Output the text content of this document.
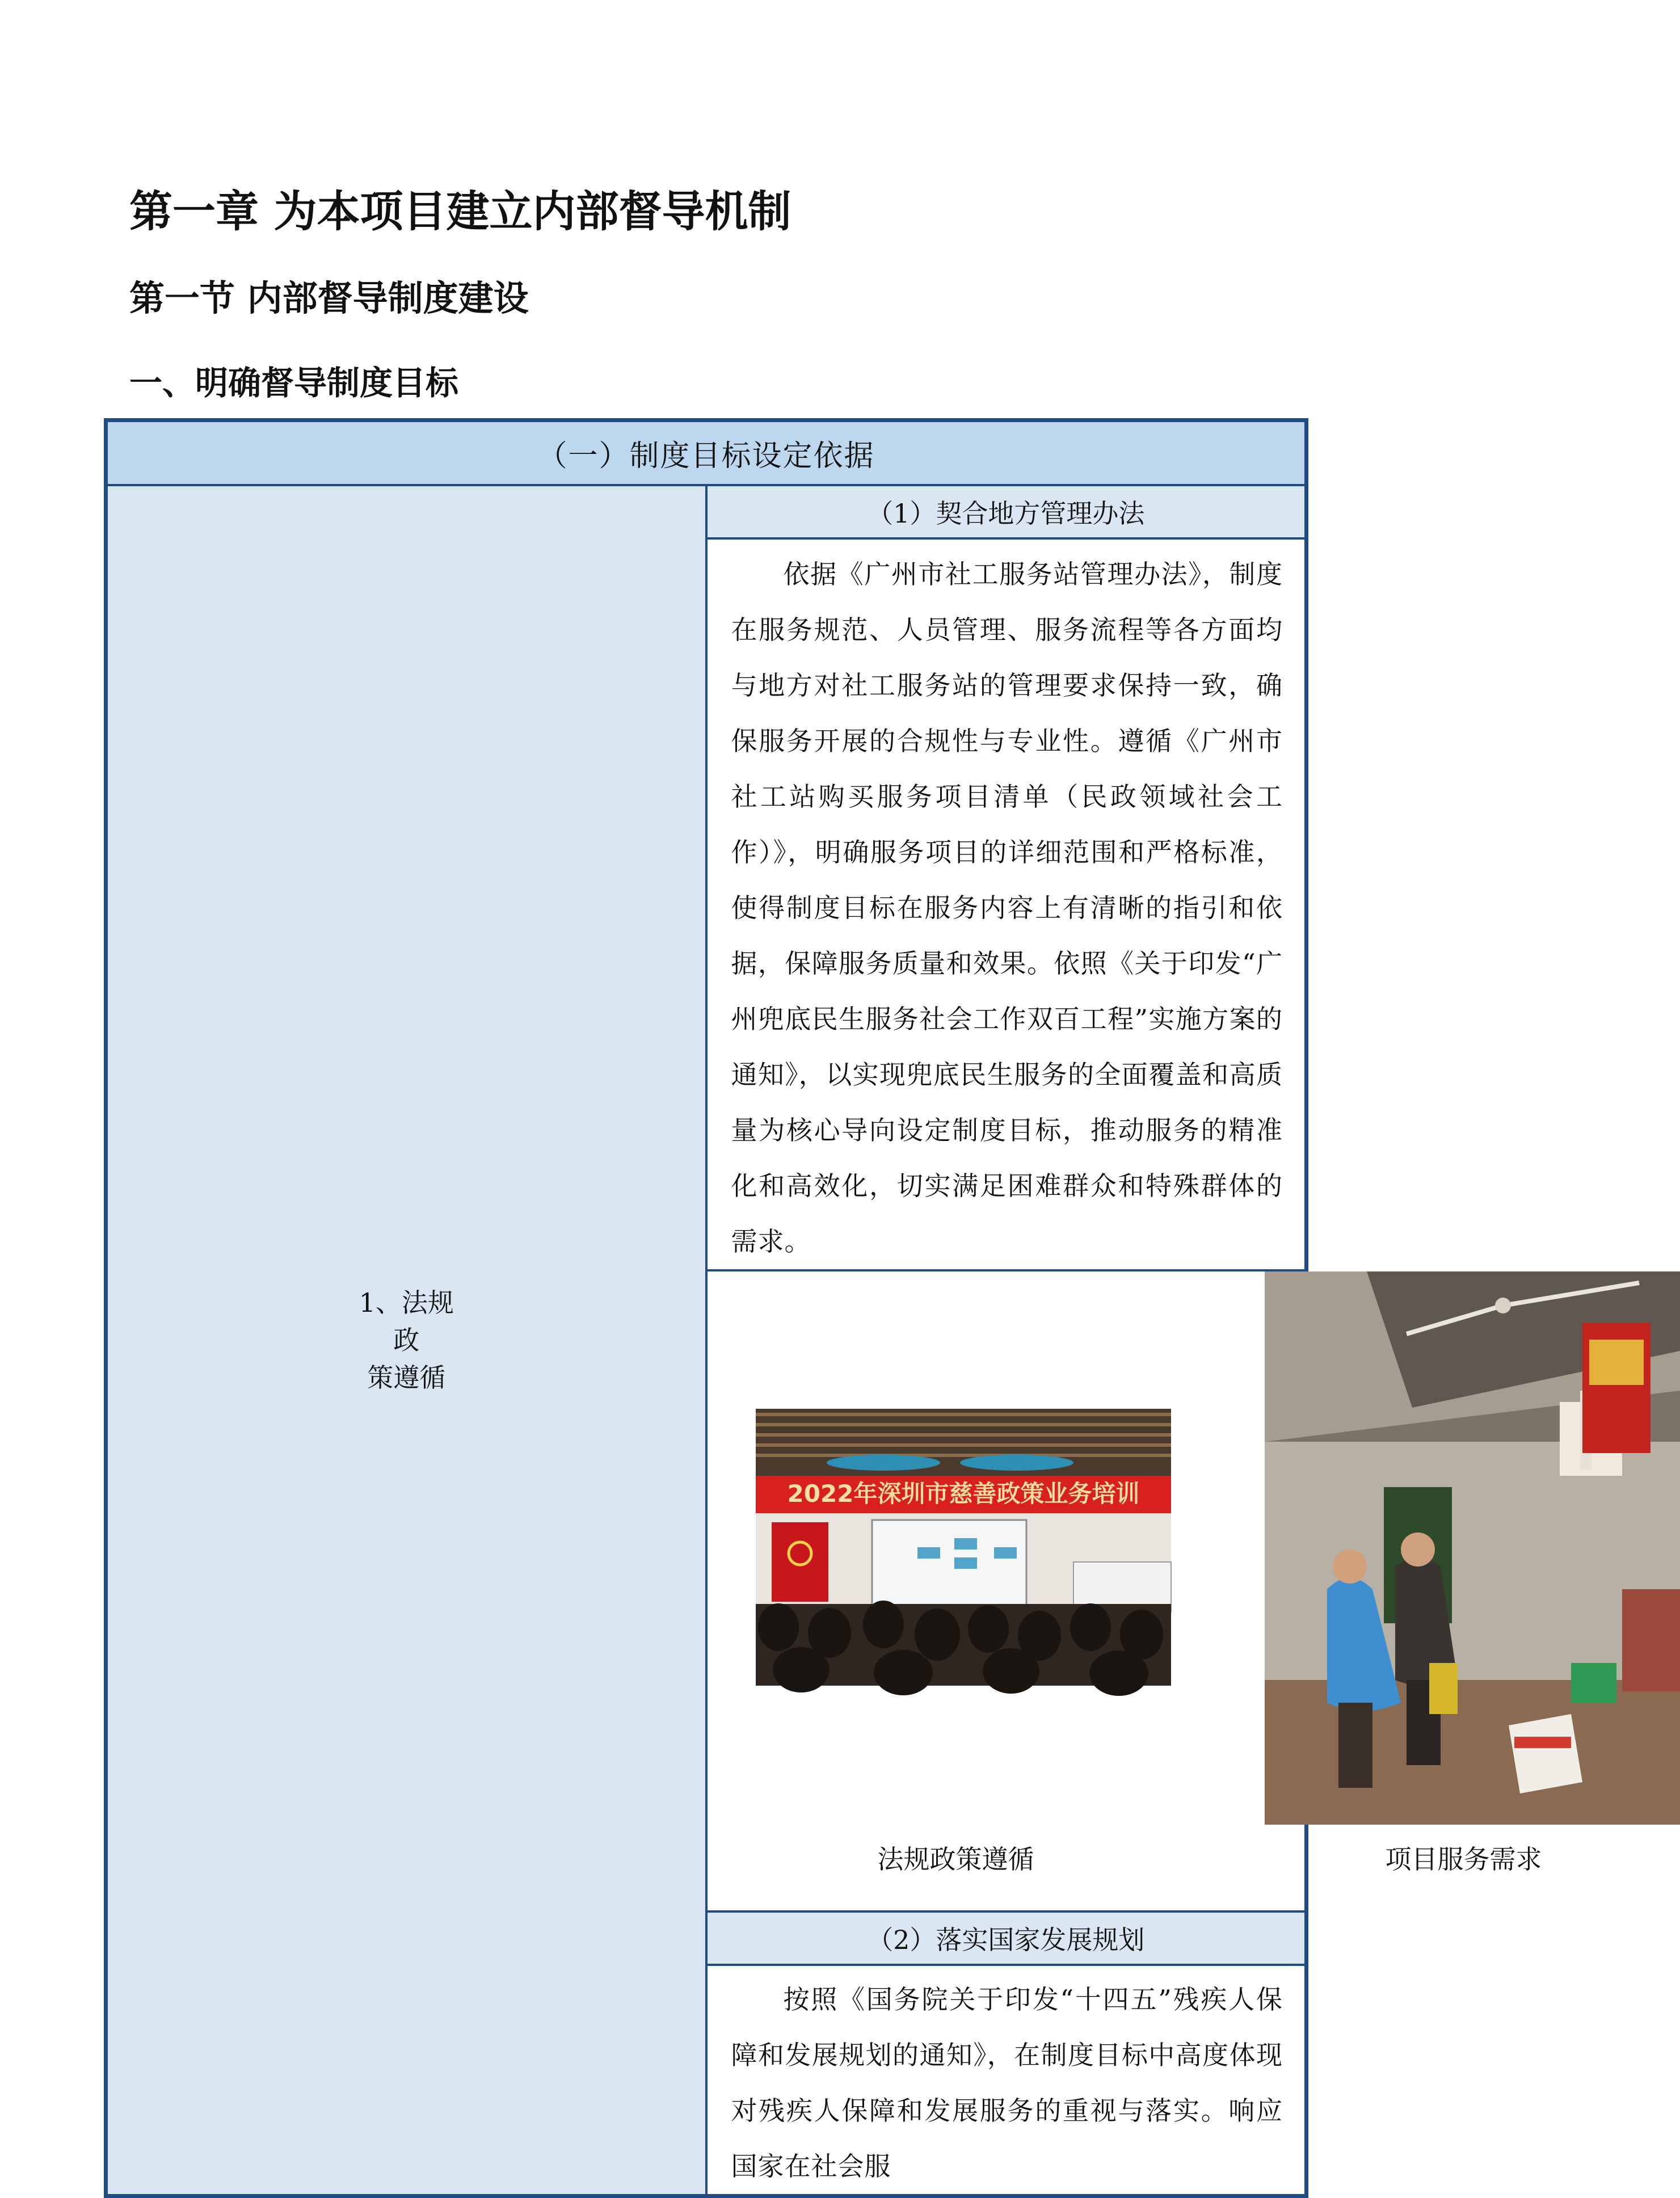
第一章 为本项目建立内部督导机制
第一节 内部督导制度建设
一、明确督导制度目标
（一）制度目标设定依据
1、法规政
策遵循	（1）契合地方管理办法
依据《广州市社工服务站管理办法》，制度在服务规范、人员管理、服务流程等各方面均与地方对社工服务站的管理要求保持一致，确保服务开展的合规性与专业性。遵循《广州市社工站购买服务项目清单（民政领域社会工作）》，明确服务项目的详细范围和严格标准，使得制度目标在服务内容上有清晰的指引和依据，保障服务质量和效果。依照《关于印发“广州兜底民生服务社会工作双百工程”实施方案的通知》，以实现兜底民生服务的全面覆盖和高质量为核心导向设定制度目标，推动服务的精准化和高效化，切实满足困难群众和特殊群体的需求。

2022年深圳市慈善政策业务培训
法规政策遵循	项目服务需求

（2）落实国家发展规划
按照《国务院关于印发“十四五”残疾人保障和发展规划的通知》，在制度目标中高度体现对残疾人保障和发展服务的重视与落实。响应国家在社会服
